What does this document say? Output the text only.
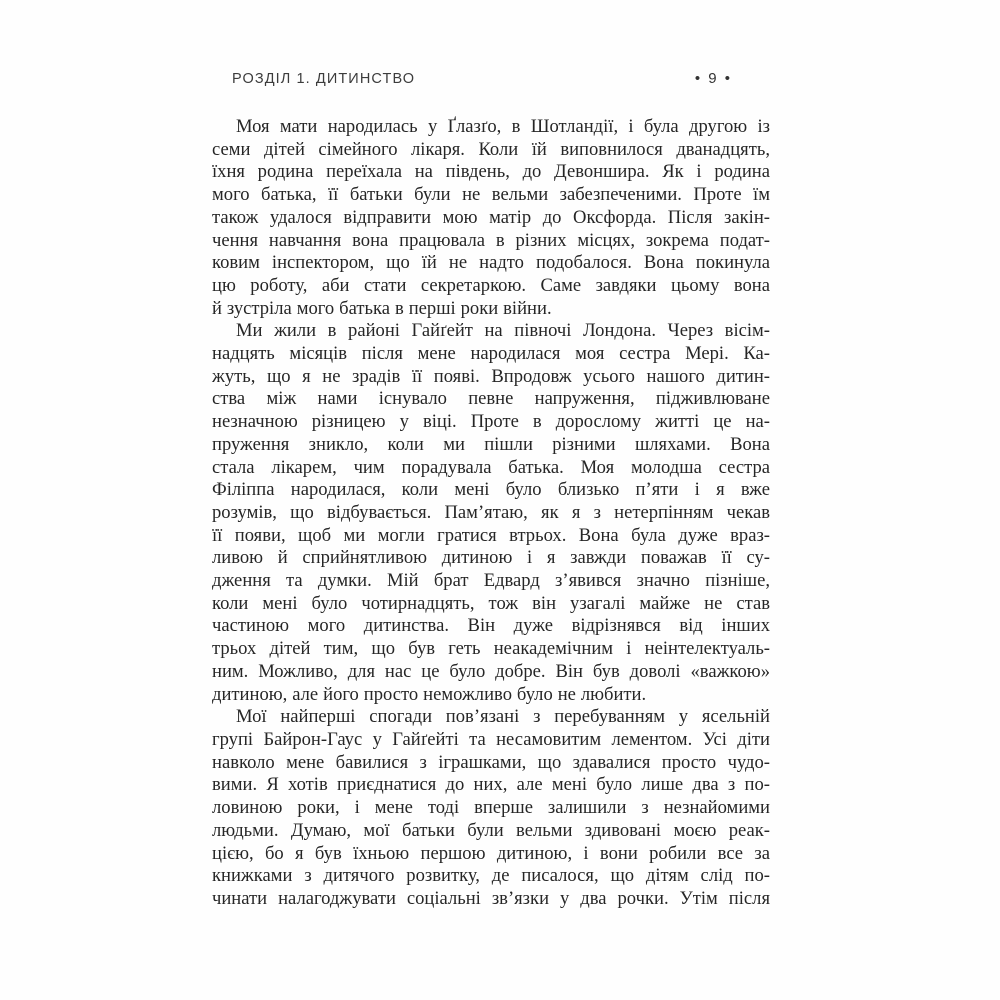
РОЗДІЛ 1. ДИТИНСТВО	• 9 •
Моя мати народилась у Ґлазґо, в Шотландії, і була другою із
семи дітей сімейного лікаря. Коли їй виповнилося дванадцять,
їхня родина переїхала на південь, до Девоншира. Як і родина
мого батька, її батьки були не вельми забезпеченими. Проте їм
також удалося відправити мою матір до Оксфорда. Після закін-
чення навчання вона працювала в різних місцях, зокрема подат-
ковим інспектором, що їй не надто подобалося. Вона покинула
цю роботу, аби стати секретаркою. Саме завдяки цьому вона
й зустріла мого батька в перші роки війни.
Ми жили в районі Гайґейт на півночі Лондона. Через вісім-
надцять місяців після мене народилася моя сестра Мері. Ка-
жуть, що я не зрадів її появі. Впродовж усього нашого дитин-
ства між нами існувало певне напруження, підживлюване
незначною різницею у віці. Проте в дорослому житті це на-
пруження зникло, коли ми пішли різними шляхами. Вона
стала лікарем, чим порадувала батька. Моя молодша сестра
Філіппа народилася, коли мені було близько п’яти і я вже
розумів, що відбувається. Пам’ятаю, як я з нетерпінням чекав
її появи, щоб ми могли гратися втрьох. Вона була дуже враз-
ливою й сприйнятливою дитиною і я завжди поважав її су-
дження та думки. Мій брат Едвард з’явився значно пізніше,
коли мені було чотирнадцять, тож він узагалі майже не став
частиною мого дитинства. Він дуже відрізнявся від інших
трьох дітей тим, що був геть неакадемічним і неінтелектуаль-
ним. Можливо, для нас це було добре. Він був доволі «важкою»
дитиною, але його просто неможливо було не любити.
Мої найперші спогади пов’язані з перебуванням у ясельній
групі Байрон-Гаус у Гайґейті та несамовитим лементом. Усі діти
навколо мене бавилися з іграшками, що здавалися просто чудо-
вими. Я хотів приєднатися до них, але мені було лише два з по-
ловиною роки, і мене тоді вперше залишили з незнайомими
людьми. Думаю, мої батьки були вельми здивовані моєю реак-
цією, бо я був їхньою першою дитиною, і вони робили все за
книжками з дитячого розвитку, де писалося, що дітям слід по-
чинати налагоджувати соціальні зв’язки у два рочки. Утім після
